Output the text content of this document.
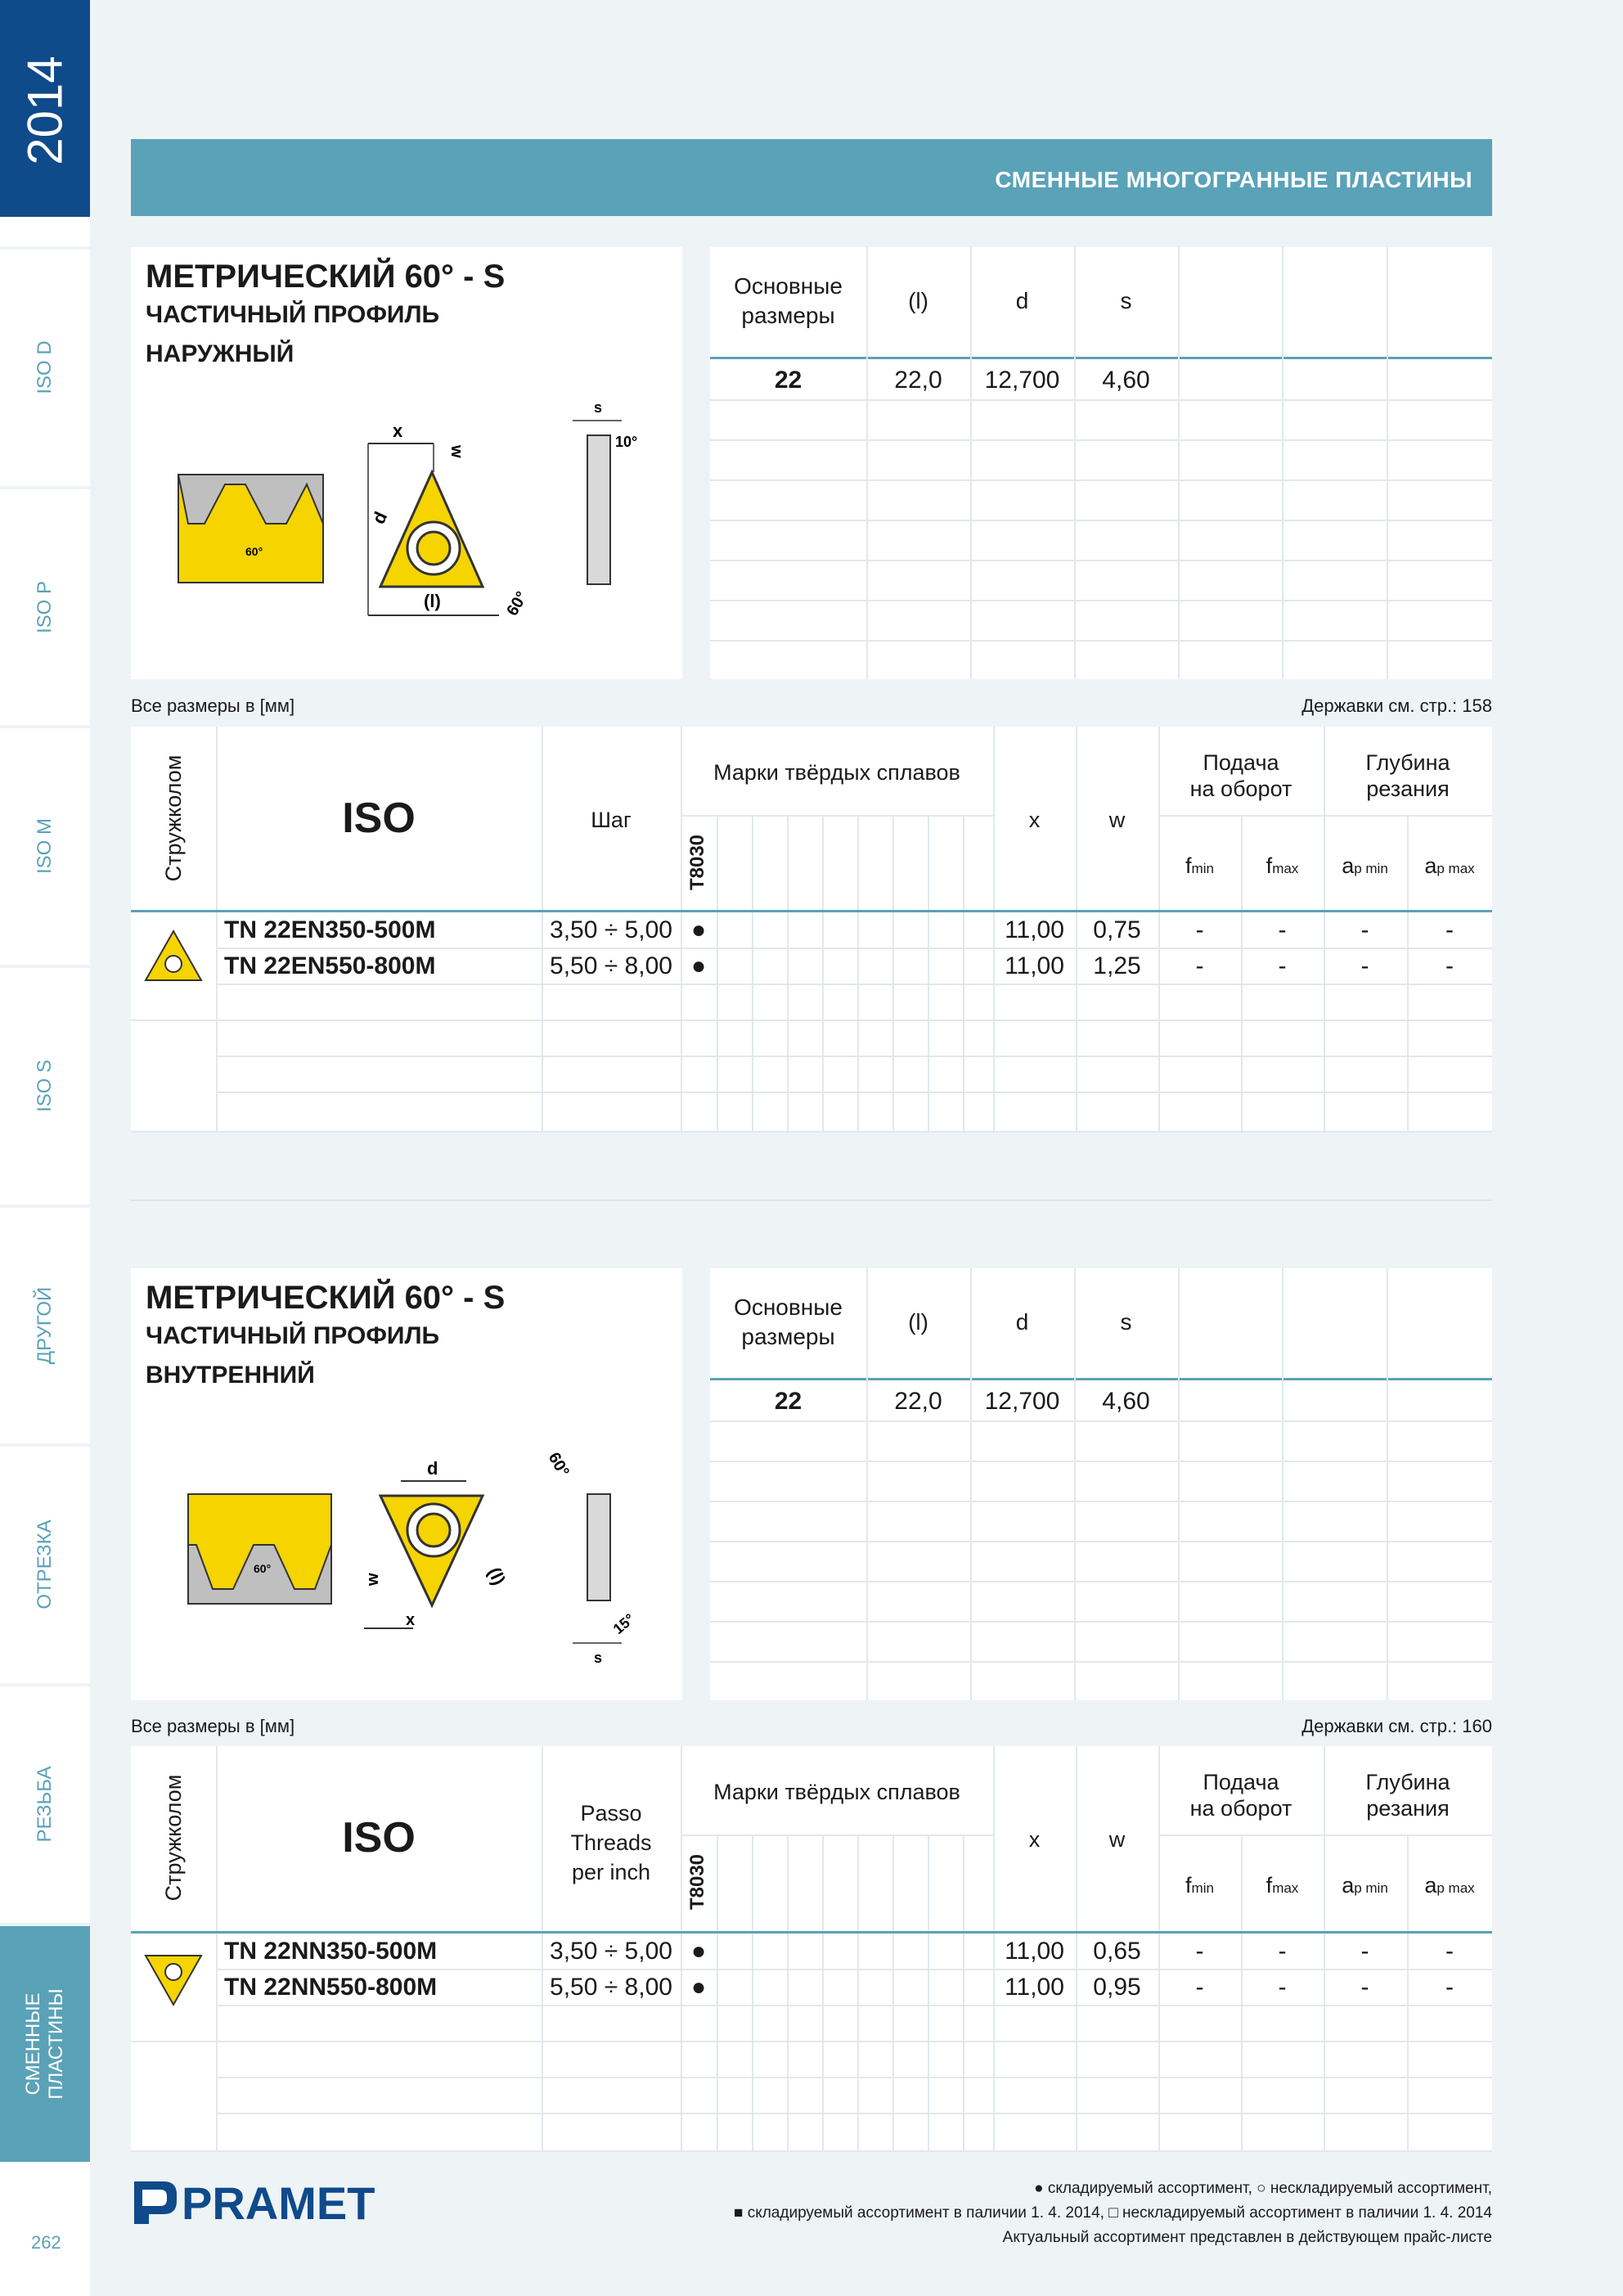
2014
ISO D
ISO P
ISO M
ISO S
ДРУГОЙ
ОТРЕЗКА
РЕЗЬБА
СМЕННЫЕ
ПЛАСТИНЫ
262
СМЕННЫЕ МНОГОГРАННЫЕ ПЛАСТИНЫ
МЕТРИЧЕСКИЙ 60° - S
ЧАСТИЧНЫЙ ПРОФИЛЬ
НАРУЖНЫЙ
60°
x
w
(l)
d
60°
s
10°
Основные
размеры
(l)	d	s
22	22,0	12,700	4,60
Все размеры в [мм]	Державки см. стр.: 158
Стружколом	ISO	Шаг
Марки твёрдых сплавов
T8030
x	w
Подача
на оборот
Глубина
резания
fmin	fmax	ap min	ap max
TN 22EN350-500M	3,50 ÷ 5,00 ●	11,00	0,75	-	-	-	-
TN 22EN550-800M	5,50 ÷ 8,00 ●	11,00	1,25	-	-	-	-
МЕТРИЧЕСКИЙ 60° - S
ЧАСТИЧНЫЙ ПРОФИЛЬ
ВНУТРЕННИЙ
60°
d
x
w	(l)
60°
s
15°
Основные
размеры
(l)	d	s
22	22,0	12,700	4,60
Все размеры в [мм]	Державки см. стр.: 160
Стружколом	ISO
Passo
Threads
per inch
Марки твёрдых сплавов
T8030
x	w
Подача
на оборот
Глубина
резания
fmin	fmax	ap min	ap max
TN 22NN350-500M	3,50 ÷ 5,00 ●	11,00	0,65	-	-	-	-
TN 22NN550-800M	5,50 ÷ 8,00 ●	11,00	0,95	-	-	-	-
PRAMET	● складируемый ассортимент, ○ нескладируемый ассортимент,
■ складируемый ассортимент в паличии 1. 4. 2014, □ нескладируемый ассортимент в паличии 1. 4. 2014
Актуальный ассортимент представлен в действующем прайс-листе
